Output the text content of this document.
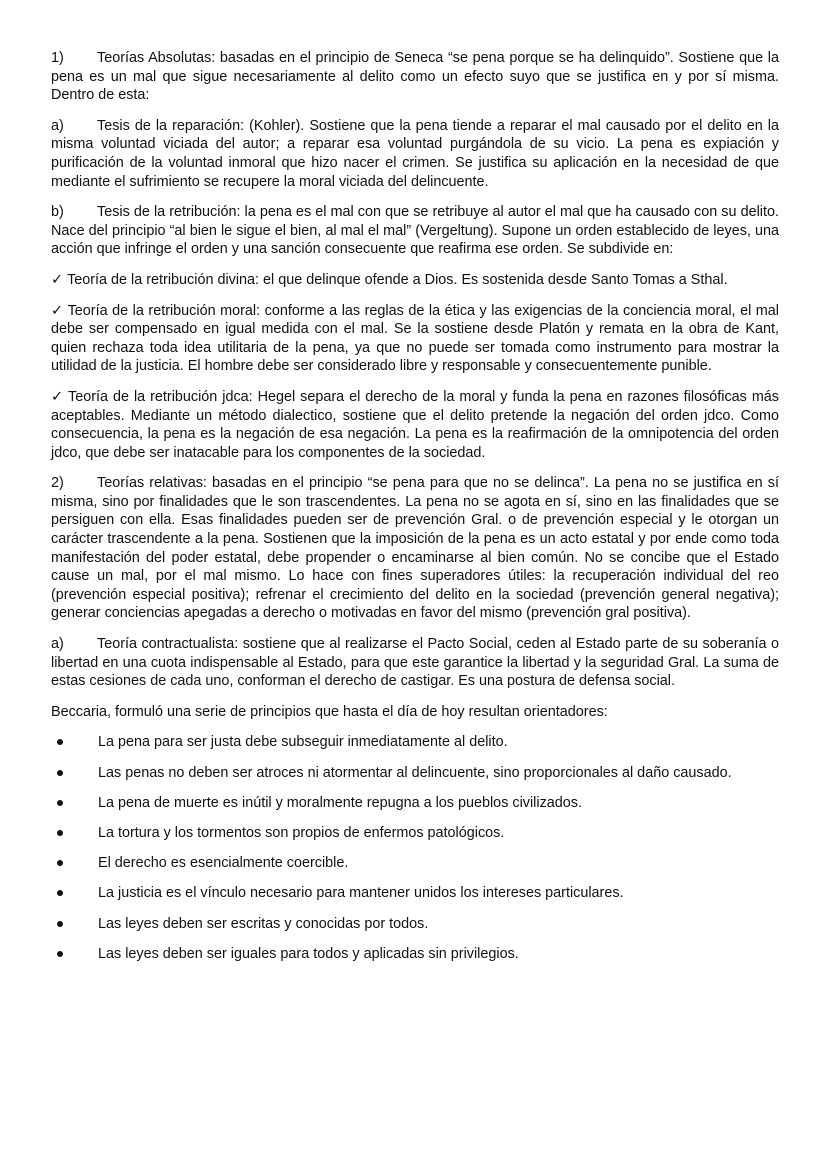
1) Teorías Absolutas: basadas en el principio de Seneca “se pena porque se ha delinquido”. Sostiene que la pena es un mal que sigue necesariamente al delito como un efecto suyo que se justifica en y por sí misma. Dentro de esta:

a) Tesis de la reparación: (Kohler). Sostiene que la pena tiende a reparar el mal causado por el delito en la misma voluntad viciada del autor; a reparar esa voluntad purgándola de su vicio. La pena es expiación y purificación de la voluntad inmoral que hizo nacer el crimen. Se justifica su aplicación en la necesidad de que mediante el sufrimiento se recupere la moral viciada del delincuente.

b) Tesis de la retribución: la pena es el mal con que se retribuye al autor el mal que ha causado con su delito. Nace del principio “al bien le sigue el bien, al mal el mal” (Vergeltung). Supone un orden establecido de leyes, una acción que infringe el orden y una sanción consecuente que reafirma ese orden. Se subdivide en:

✓ Teoría de la retribución divina: el que delinque ofende a Dios. Es sostenida desde Santo Tomas a Sthal.

✓ Teoría de la retribución moral: conforme a las reglas de la ética y las exigencias de la conciencia moral, el mal debe ser compensado en igual medida con el mal. Se la sostiene desde Platón y remata en la obra de Kant, quien rechaza toda idea utilitaria de la pena, ya que no puede ser tomada como instrumento para mostrar la utilidad de la justicia. El hombre debe ser considerado libre y responsable y consecuentemente punible.

✓ Teoría de la retribución jdca: Hegel separa el derecho de la moral y funda la pena en razones filosóficas más aceptables. Mediante un método dialectico, sostiene que el delito pretende la negación del orden jdco. Como consecuencia, la pena es la negación de esa negación. La pena es la reafirmación de la omnipotencia del orden jdco, que debe ser inatacable para los componentes de la sociedad.

2) Teorías relativas: basadas en el principio “se pena para que no se delinca”. La pena no se justifica en sí misma, sino por finalidades que le son trascendentes. La pena no se agota en sí, sino en las finalidades que se persiguen con ella. Esas finalidades pueden ser de prevención Gral. o de prevención especial y le otorgan un carácter trascendente a la pena. Sostienen que la imposición de la pena es un acto estatal y por ende como toda manifestación del poder estatal, debe propender o encaminarse al bien común. No se concibe que el Estado cause un mal, por el mal mismo. Lo hace con fines superadores útiles: la recuperación individual del reo (prevención especial positiva); refrenar el crecimiento del delito en la sociedad (prevención general negativa); generar conciencias apegadas a derecho o motivadas en favor del mismo (prevención gral positiva).

a) Teoría contractualista: sostiene que al realizarse el Pacto Social, ceden al Estado parte de su soberanía o libertad en una cuota indispensable al Estado, para que este garantice la libertad y la seguridad Gral. La suma de estas cesiones de cada uno, conforman el derecho de castigar. Es una postura de defensa social.

Beccaria, formuló una serie de principios que hasta el día de hoy resultan orientadores:

La pena para ser justa debe subseguir inmediatamente al delito.
Las penas no deben ser atroces ni atormentar al delincuente, sino proporcionales al daño causado.
La pena de muerte es inútil y moralmente repugna a los pueblos civilizados.
La tortura y los tormentos son propios de enfermos patológicos.
El derecho es esencialmente coercible.
La justicia es el vínculo necesario para mantener unidos los intereses particulares.
Las leyes deben ser escritas y conocidas por todos.
Las leyes deben ser iguales para todos y aplicadas sin privilegios.
